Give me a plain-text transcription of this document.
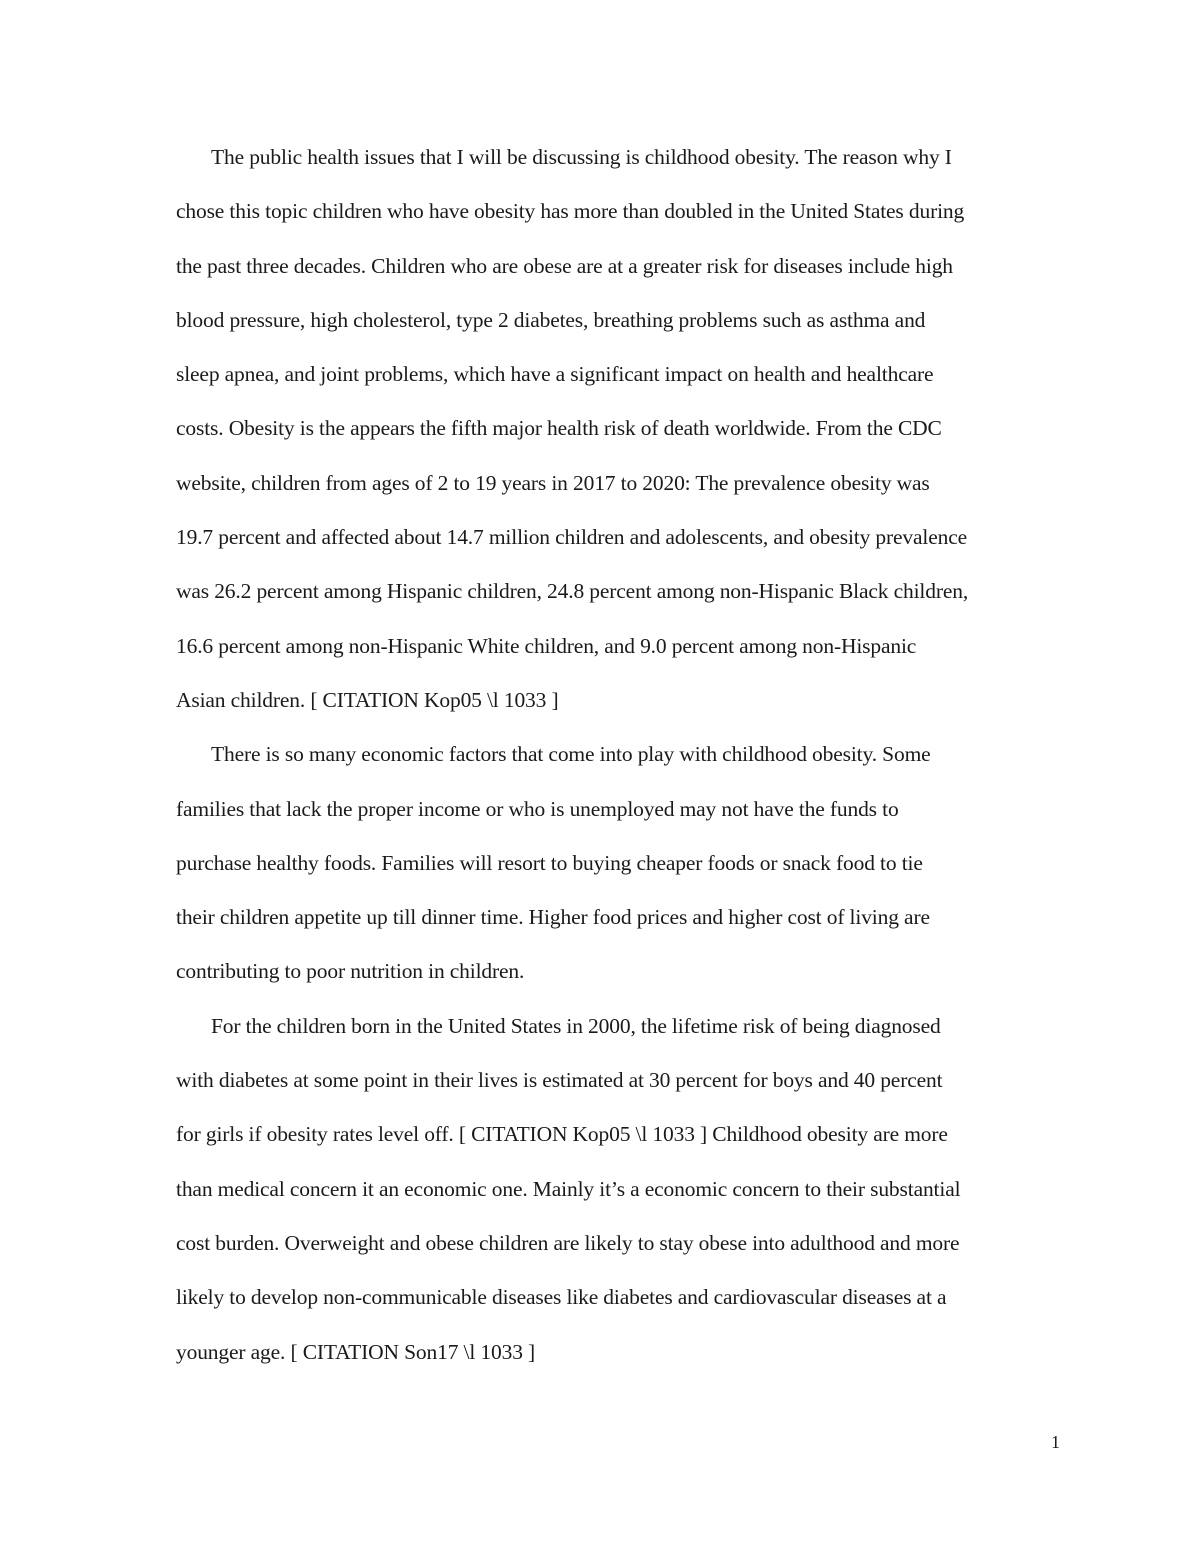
The public health issues that I will be discussing is childhood obesity. The reason why I
chose this topic children who have obesity has more than doubled in the United States during
the past three decades. Children who are obese are at a greater risk for diseases include high
blood pressure, high cholesterol, type 2 diabetes, breathing problems such as asthma and
sleep apnea, and joint problems, which have a significant impact on health and healthcare
costs. Obesity is the appears the fifth major health risk of death worldwide. From the CDC
website, children from ages of 2 to 19 years in 2017 to 2020: The prevalence obesity was
19.7 percent and affected about 14.7 million children and adolescents, and obesity prevalence
was 26.2 percent among Hispanic children, 24.8 percent among non-Hispanic Black children,
16.6 percent among non-Hispanic White children, and 9.0 percent among non-Hispanic
Asian children. [ CITATION Kop05 \l 1033 ]
There is so many economic factors that come into play with childhood obesity. Some
families that lack the proper income or who is unemployed may not have the funds to
purchase healthy foods. Families will resort to buying cheaper foods or snack food to tie
their children appetite up till dinner time. Higher food prices and higher cost of living are
contributing to poor nutrition in children.
For the children born in the United States in 2000, the lifetime risk of being diagnosed
with diabetes at some point in their lives is estimated at 30 percent for boys and 40 percent
for girls if obesity rates level off. [ CITATION Kop05 \l 1033 ] Childhood obesity are more
than medical concern it an economic one. Mainly it’s a economic concern to their substantial
cost burden. Overweight and obese children are likely to stay obese into adulthood and more
likely to develop non-communicable diseases like diabetes and cardiovascular diseases at a
younger age. [ CITATION Son17 \l 1033 ]
1
